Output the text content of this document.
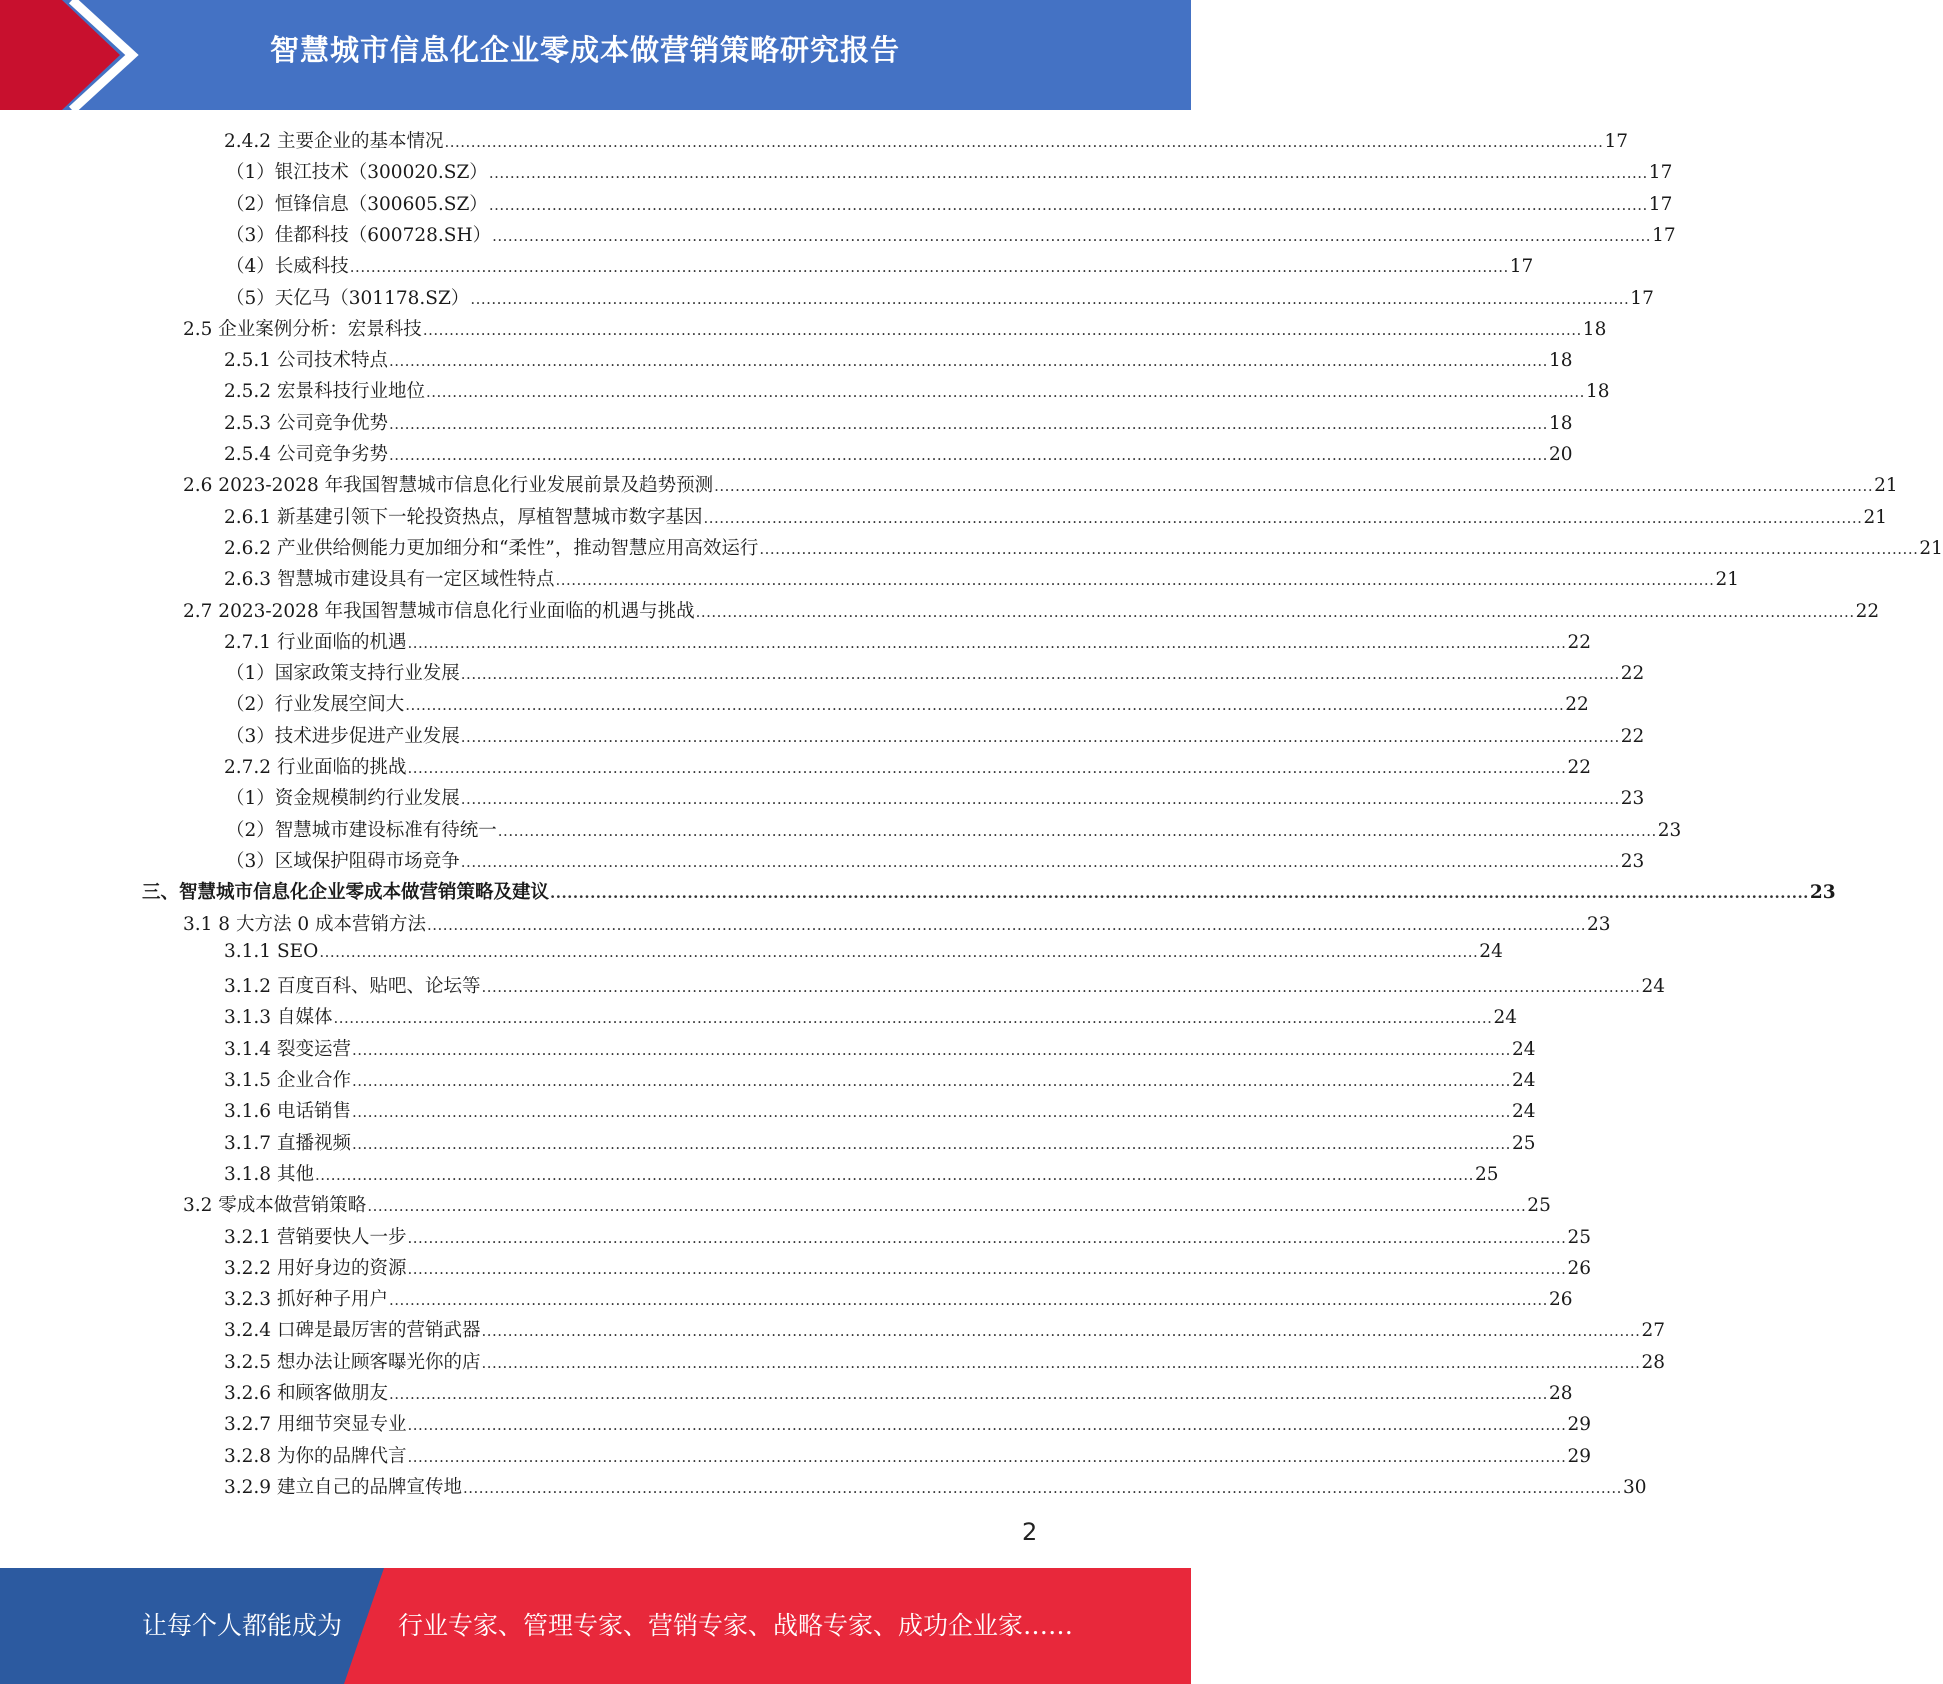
智慧城市信息化企业零成本做营销策略研究报告
2.4.2 主要企业的基本情况 ............................................................................................................................................................................................................................ 17
（1）银江技术（300020.SZ） ............................................................................................................................................................................................................................ 17
（2）恒锋信息（300605.SZ） ............................................................................................................................................................................................................................ 17
（3）佳都科技（600728.SH） ............................................................................................................................................................................................................................ 17
（4）长威科技 ............................................................................................................................................................................................................................ 17
（5）天亿马（301178.SZ） ............................................................................................................................................................................................................................ 17
2.5 企业案例分析：宏景科技 ............................................................................................................................................................................................................................ 18
2.5.1 公司技术特点 ............................................................................................................................................................................................................................ 18
2.5.2 宏景科技行业地位 ............................................................................................................................................................................................................................ 18
2.5.3 公司竞争优势 ............................................................................................................................................................................................................................ 18
2.5.4 公司竞争劣势 ............................................................................................................................................................................................................................ 20
2.6 2023-2028 年我国智慧城市信息化行业发展前景及趋势预测 ............................................................................................................................................................................................................................ 21
2.6.1 新基建引领下一轮投资热点，厚植智慧城市数字基因 ............................................................................................................................................................................................................................ 21
2.6.2 产业供给侧能力更加细分和“柔性”，推动智慧应用高效运行 ............................................................................................................................................................................................................................ 21
2.6.3 智慧城市建设具有一定区域性特点 ............................................................................................................................................................................................................................ 21
2.7 2023-2028 年我国智慧城市信息化行业面临的机遇与挑战 ............................................................................................................................................................................................................................ 22
2.7.1 行业面临的机遇 ............................................................................................................................................................................................................................ 22
（1）国家政策支持行业发展 ............................................................................................................................................................................................................................ 22
（2）行业发展空间大 ............................................................................................................................................................................................................................ 22
（3）技术进步促进产业发展 ............................................................................................................................................................................................................................ 22
2.7.2 行业面临的挑战 ............................................................................................................................................................................................................................ 22
（1）资金规模制约行业发展 ............................................................................................................................................................................................................................ 23
（2）智慧城市建设标准有待统一 ............................................................................................................................................................................................................................ 23
（3）区域保护阻碍市场竞争 ............................................................................................................................................................................................................................ 23
三、智慧城市信息化企业零成本做营销策略及建议 ............................................................................................................................................................................................................................ 23
3.1 8 大方法 0 成本营销方法 ............................................................................................................................................................................................................................ 23
3.1.1 SEO ............................................................................................................................................................................................................................ 24
3.1.2 百度百科、贴吧、论坛等 ............................................................................................................................................................................................................................ 24
3.1.3 自媒体 ............................................................................................................................................................................................................................ 24
3.1.4 裂变运营 ............................................................................................................................................................................................................................ 24
3.1.5 企业合作 ............................................................................................................................................................................................................................ 24
3.1.6 电话销售 ............................................................................................................................................................................................................................ 24
3.1.7 直播视频 ............................................................................................................................................................................................................................ 25
3.1.8 其他 ............................................................................................................................................................................................................................ 25
3.2 零成本做营销策略 ............................................................................................................................................................................................................................ 25
3.2.1 营销要快人一步 ............................................................................................................................................................................................................................ 25
3.2.2 用好身边的资源 ............................................................................................................................................................................................................................ 26
3.2.3 抓好种子用户 ............................................................................................................................................................................................................................ 26
3.2.4 口碑是最厉害的营销武器 ............................................................................................................................................................................................................................ 27
3.2.5 想办法让顾客曝光你的店 ............................................................................................................................................................................................................................ 28
3.2.6 和顾客做朋友 ............................................................................................................................................................................................................................ 28
3.2.7 用细节突显专业 ............................................................................................................................................................................................................................ 29
3.2.8 为你的品牌代言 ............................................................................................................................................................................................................................ 29
3.2.9 建立自己的品牌宣传地 ............................................................................................................................................................................................................................ 30
2
让每个人都能成为 行业专家、管理专家、营销专家、战略专家、成功企业家……
